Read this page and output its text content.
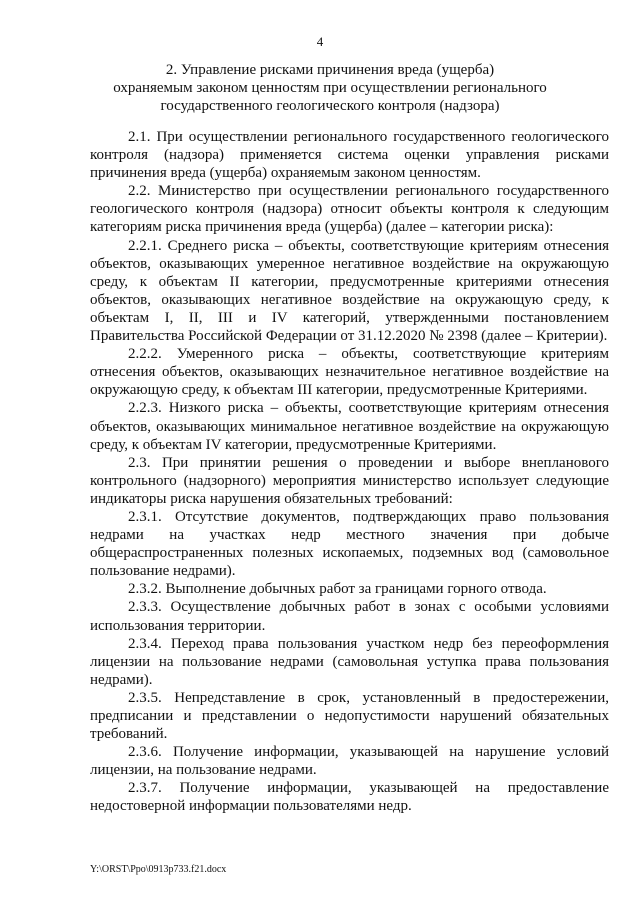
4
2. Управление рисками причинения вреда (ущерба)
охраняемым законом ценностям при осуществлении регионального
государственного геологического контроля (надзора)

2.1. При осуществлении регионального государственного геологического контроля (надзора) применяется система оценки управления рисками причинения вреда (ущерба) охраняемым законом ценностям.

2.2. Министерство при осуществлении регионального государственного геологического контроля (надзора) относит объекты контроля к следующим категориям риска причинения вреда (ущерба) (далее – категории риска):

2.2.1. Среднего риска – объекты, соответствующие критериям отнесения объектов, оказывающих умеренное негативное воздействие на окружающую среду, к объектам II категории, предусмотренные критериями отнесения объектов, оказывающих негативное воздействие на окружающую среду, к объектам I, II, III и IV категорий, утвержденными постановлением Правительства Российской Федерации от 31.12.2020 № 2398 (далее – Критерии).

2.2.2. Умеренного риска – объекты, соответствующие критериям отнесения объектов, оказывающих незначительное негативное воздействие на окружающую среду, к объектам III категории, предусмотренные Критериями.

2.2.3. Низкого риска – объекты, соответствующие критериям отнесения объектов, оказывающих минимальное негативное воздействие на окружающую среду, к объектам IV категории, предусмотренные Критериями.

2.3. При принятии решения о проведении и выборе внепланового контрольного (надзорного) мероприятия министерство использует следующие индикаторы риска нарушения обязательных требований:

2.3.1. Отсутствие документов, подтверждающих право пользования недрами на участках недр местного значения при добыче общераспространенных полезных ископаемых, подземных вод (самовольное пользование недрами).

2.3.2. Выполнение добычных работ за границами горного отвода.

2.3.3. Осуществление добычных работ в зонах с особыми условиями использования территории.

2.3.4. Переход права пользования участком недр без переоформления лицензии на пользование недрами (самовольная уступка права пользования недрами).

2.3.5. Непредставление в срок, установленный в предостережении, предписании и представлении о недопустимости нарушений обязательных требований.

2.3.6. Получение информации, указывающей на нарушение условий лицензии, на пользование недрами.

2.3.7. Получение информации, указывающей на предоставление недостоверной информации пользователями недр.

Y:\ORST\Ppo\0913p733.f21.docx
